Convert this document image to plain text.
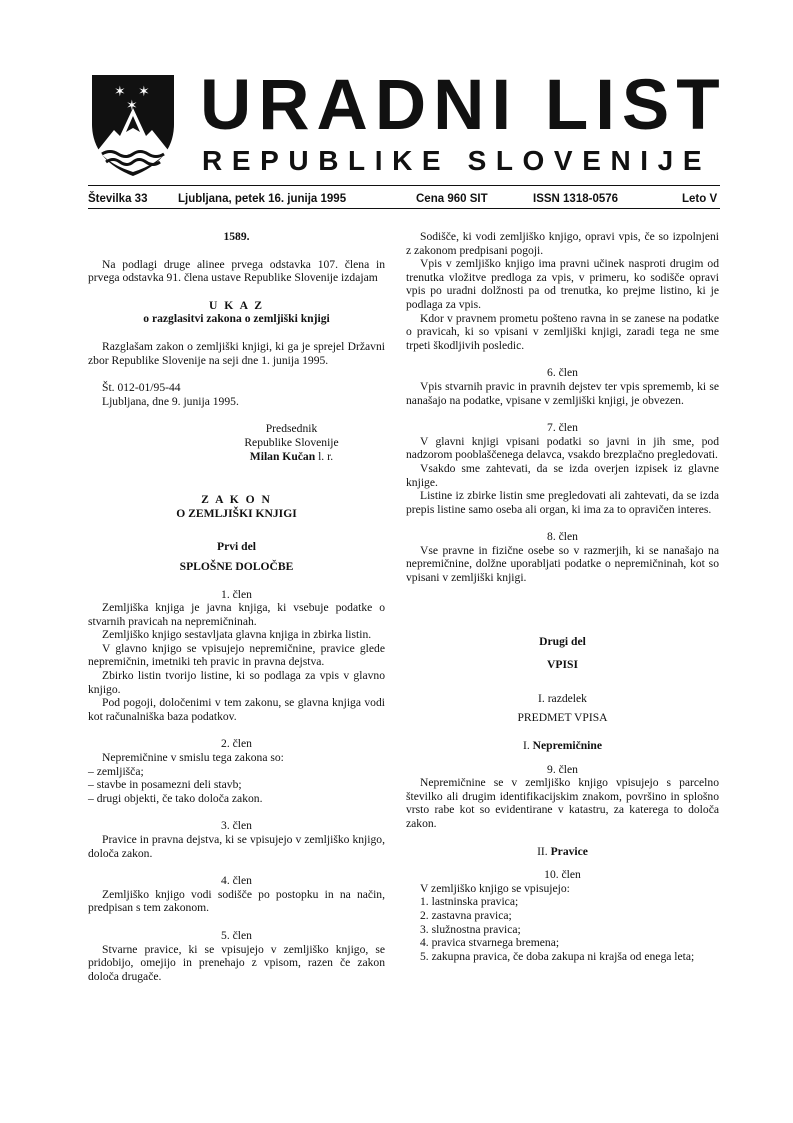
✶ ✶
✶ URADNI LIST
REPUBLIKE SLOVENIJE
Številka 33	Ljubljana, petek 16. junija 1995	Cena 960 SIT	ISSN 1318-0576	Leto V

1589.

Na podlagi druge alinee prvega odstavka 107. člena in prvega odstavka 91. člena ustave Republike Slovenije izdajam

U K A Z

o razglasitvi zakona o zemljiški knjigi

Razglašam zakon o zemljiški knjigi, ki ga je sprejel Državni zbor Republike Slovenije na seji dne 1. junija 1995.

Št. 012-01/95-44

Ljubljana, dne 9. junija 1995.

Predsednik

Republike Slovenije

Milan Kučan l. r.

Z A K O N

O ZEMLJIŠKI KNJIGI

Prvi del

SPLOŠNE DOLOČBE

1. člen

Zemljiška knjiga je javna knjiga, ki vsebuje podatke o stvarnih pravicah na nepremičninah.

Zemljiško knjigo sestavljata glavna knjiga in zbirka listin.

V glavno knjigo se vpisujejo nepremičnine, pravice glede nepremičnin, imetniki teh pravic in pravna dejstva.

Zbirko listin tvorijo listine, ki so podlaga za vpis v glavno knjigo.

Pod pogoji, določenimi v tem zakonu, se glavna knjiga vodi kot računalniška baza podatkov.

2. člen

Nepremičnine v smislu tega zakona so:

– zemljišča;

– stavbe in posamezni deli stavb;

– drugi objekti, če tako določa zakon.

3. člen

Pravice in pravna dejstva, ki se vpisujejo v zemljiško knjigo, določa zakon.

4. člen

Zemljiško knjigo vodi sodišče po postopku in na način, predpisan s tem zakonom.

5. člen

Stvarne pravice, ki se vpisujejo v zemljiško knjigo, se pridobijo, omejijo in prenehajo z vpisom, razen če zakon določa drugače.

Sodišče, ki vodi zemljiško knjigo, opravi vpis, če so izpolnjeni z zakonom predpisani pogoji.

Vpis v zemljiško knjigo ima pravni učinek nasproti drugim od trenutka vložitve predloga za vpis, v primeru, ko sodišče opravi vpis po uradni dolžnosti pa od trenutka, ko prejme listino, ki je podlaga za vpis.

Kdor v pravnem prometu pošteno ravna in se zanese na podatke o pravicah, ki so vpisani v zemljiški knjigi, zaradi tega ne sme trpeti škodljivih posledic.

6. člen

Vpis stvarnih pravic in pravnih dejstev ter vpis sprememb, ki se nanašajo na podatke, vpisane v zemljiški knjigi, je obvezen.

7. člen

V glavni knjigi vpisani podatki so javni in jih sme, pod nadzorom pooblaščenega delavca, vsakdo brezplačno pregledovati.

Vsakdo sme zahtevati, da se izda overjen izpisek iz glavne knjige.

Listine iz zbirke listin sme pregledovati ali zahtevati, da se izda prepis listine samo oseba ali organ, ki ima za to opravičen interes.

8. člen

Vse pravne in fizične osebe so v razmerjih, ki se nanašajo na nepremičnine, dolžne uporabljati podatke o nepremičninah, kot so vpisani v zemljiški knjigi.

Drugi del

VPISI

I. razdelek

PREDMET VPISA

I. Nepremičnine

9. člen

Nepremičnine se v zemljiško knjigo vpisujejo s parcelno številko ali drugim identifikacijskim znakom, površino in splošno vrsto rabe kot so evidentirane v katastru, za katerega to določa zakon.

II. Pravice

10. člen

V zemljiško knjigo se vpisujejo:

1. lastninska pravica;

2. zastavna pravica;

3. služnostna pravica;

4. pravica stvarnega bremena;

5. zakupna pravica, če doba zakupa ni krajša od enega leta;
